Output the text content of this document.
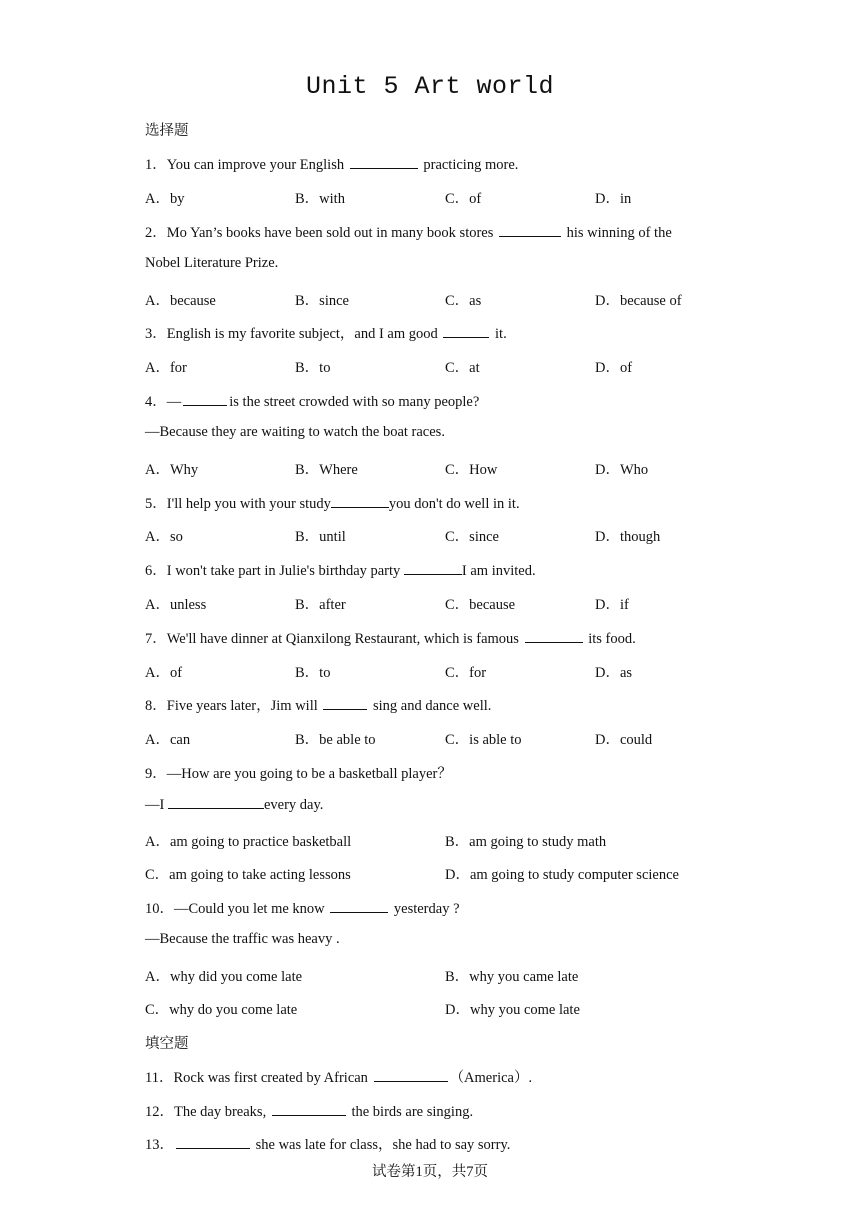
Unit 5 Art world
选择题
1．You can improve your English	practicing more.
A．by	B．with	C．of	D．in
2．Mo Yan’s books have been sold out in many book stores	his winning of the
Nobel Literature Prize.
A．because	B．since	C．as	D．because of
3．English is my favorite subject，and I am good	it.
A．for	B．to	C．at	D．of
4．—	is the street crowded with so many people?
—Because they are waiting to watch the boat races.
A．Why	B．Where	C．How	D．Who
5．I'll help you with your study	you don't do well in it.
A．so	B．until	C．since	D．though
6．I won't take part in Julie's birthday party	I am invited.
A．unless	B．after	C．because	D．if
7．We'll have dinner at Qianxilong Restaurant, which is famous	its food.
A．of	B．to	C．for	D．as
8．Five years later，Jim will	sing and dance well.
A．can	B．be able to	C．is able to	D．could
9．—How are you going to be a basketball player？
—I	every day.
A．am going to practice basketball	B．am going to study math
C．am going to take acting lessons	D．am going to study computer science
10．—Could you let me know	yesterday ?
—Because the traffic was heavy .
A．why did you come late	B．why you came late
C．why do you come late	D．why you come late
填空题
11．Rock was first created by African	（America）.
12．The day breaks,	the birds are singing.
13．	she was late for class，she had to say sorry.
试卷第1页，共7页
